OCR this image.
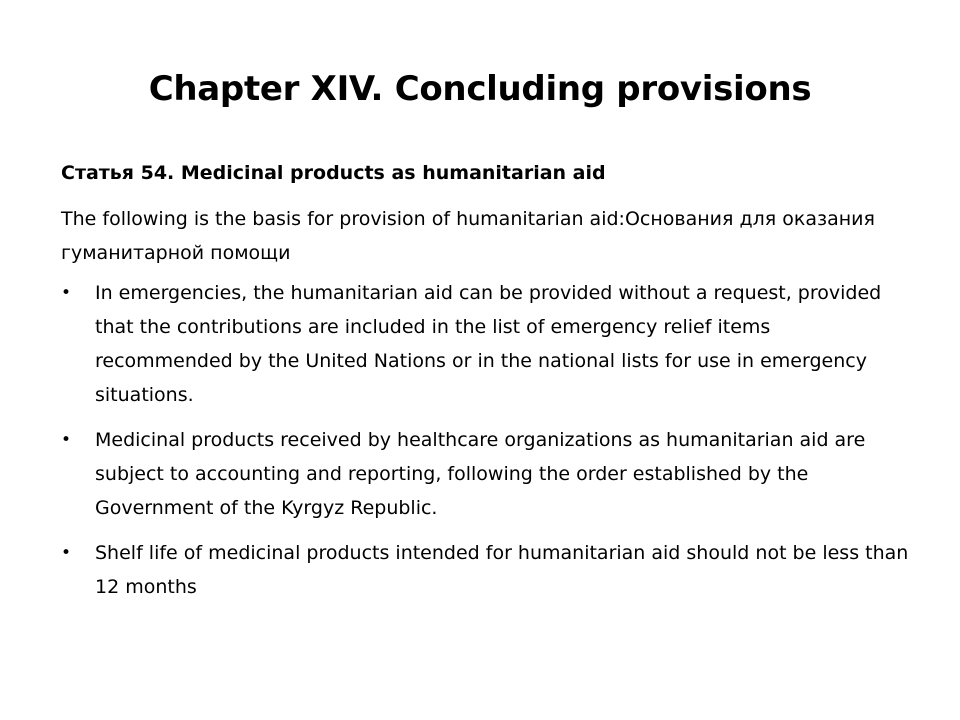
Chapter XIV. Concluding provisions

Статья 54. Medicinal products as humanitarian aid

The following is the basis for provision of humanitarian aid:Основания для оказания гуманитарной помощи

• In emergencies, the humanitarian aid can be provided without a request, provided that the contributions are included in the list of emergency relief items recommended by the United Nations or in the national lists for use in emergency situations.
• Medicinal products received by healthcare organizations as humanitarian aid are subject to accounting and reporting, following the order established by the Government of the Kyrgyz Republic.
• Shelf life of medicinal products intended for humanitarian aid should not be less than 12 months
